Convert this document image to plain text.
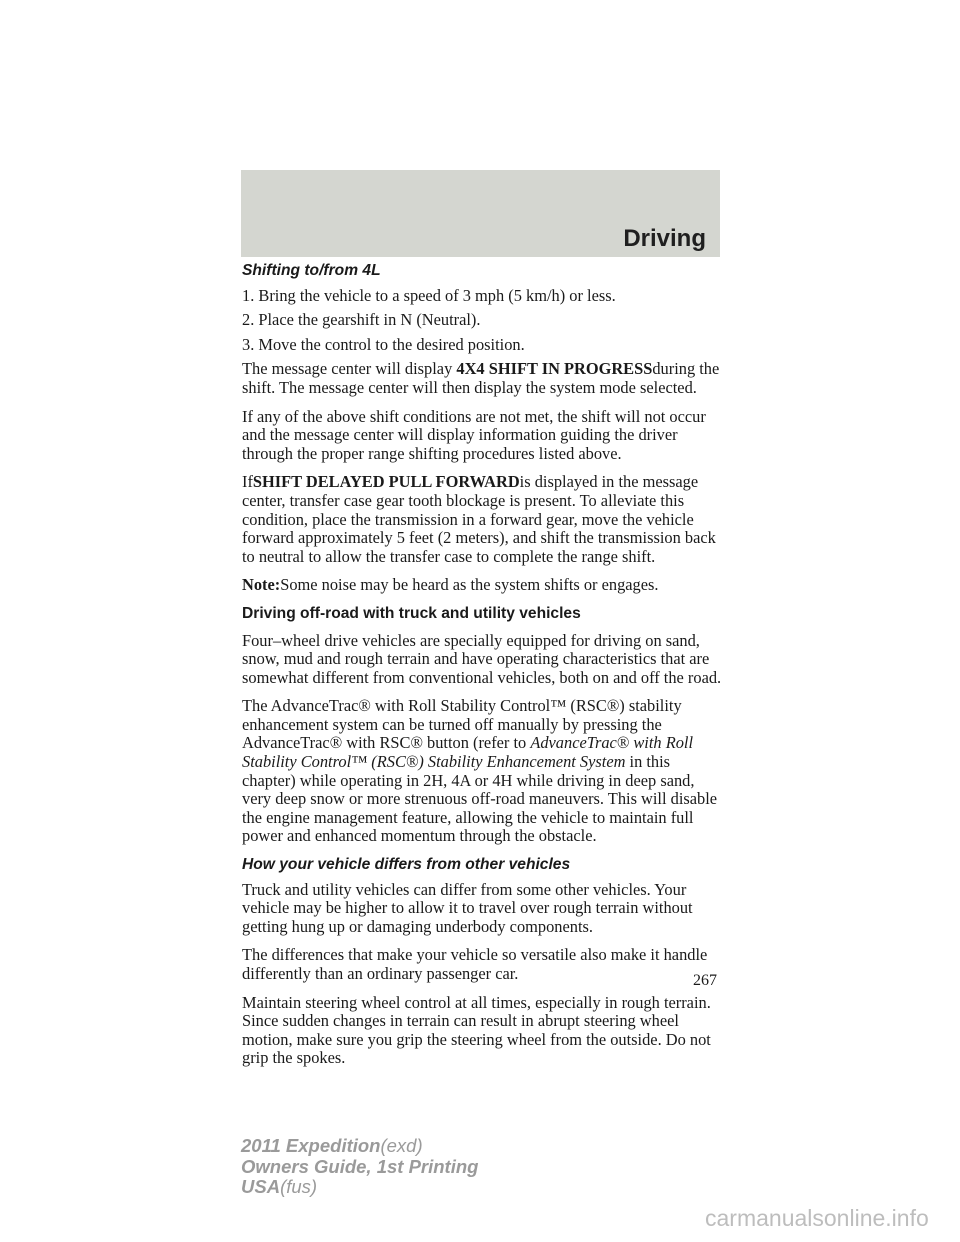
Driving

Shifting to/from 4L

1. Bring the vehicle to a speed of 3 mph (5 km/h) or less.

2. Place the gearshift in N (Neutral).

3. Move the control to the desired position.

The message center will display 4X4 SHIFT IN PROGRESSduring the shift. The message center will then display the system mode selected.

If any of the above shift conditions are not met, the shift will not occur and the message center will display information guiding the driver through the proper range shifting procedures listed above.

IfSHIFT DELAYED PULL FORWARDis displayed in the message center, transfer case gear tooth blockage is present. To alleviate this condition, place the transmission in a forward gear, move the vehicle forward approximately 5 feet (2 meters), and shift the transmission back to neutral to allow the transfer case to complete the range shift.

Note:Some noise may be heard as the system shifts or engages.

Driving off-road with truck and utility vehicles

Four–wheel drive vehicles are specially equipped for driving on sand, snow, mud and rough terrain and have operating characteristics that are somewhat different from conventional vehicles, both on and off the road.

The AdvanceTrac® with Roll Stability Control™ (RSC®) stability enhancement system can be turned off manually by pressing the AdvanceTrac® with RSC® button (refer to AdvanceTrac® with Roll Stability Control™ (RSC®) Stability Enhancement System in this chapter) while operating in 2H, 4A or 4H while driving in deep sand, very deep snow or more strenuous off-road maneuvers. This will disable the engine management feature, allowing the vehicle to maintain full power and enhanced momentum through the obstacle.

How your vehicle differs from other vehicles

Truck and utility vehicles can differ from some other vehicles. Your vehicle may be higher to allow it to travel over rough terrain without getting hung up or damaging underbody components.

The differences that make your vehicle so versatile also make it handle differently than an ordinary passenger car.

Maintain steering wheel control at all times, especially in rough terrain. Since sudden changes in terrain can result in abrupt steering wheel motion, make sure you grip the steering wheel from the outside. Do not grip the spokes.

267
2011 Expedition(exd)
Owners Guide, 1st Printing
USA(fus)
carmanualsonline.info
